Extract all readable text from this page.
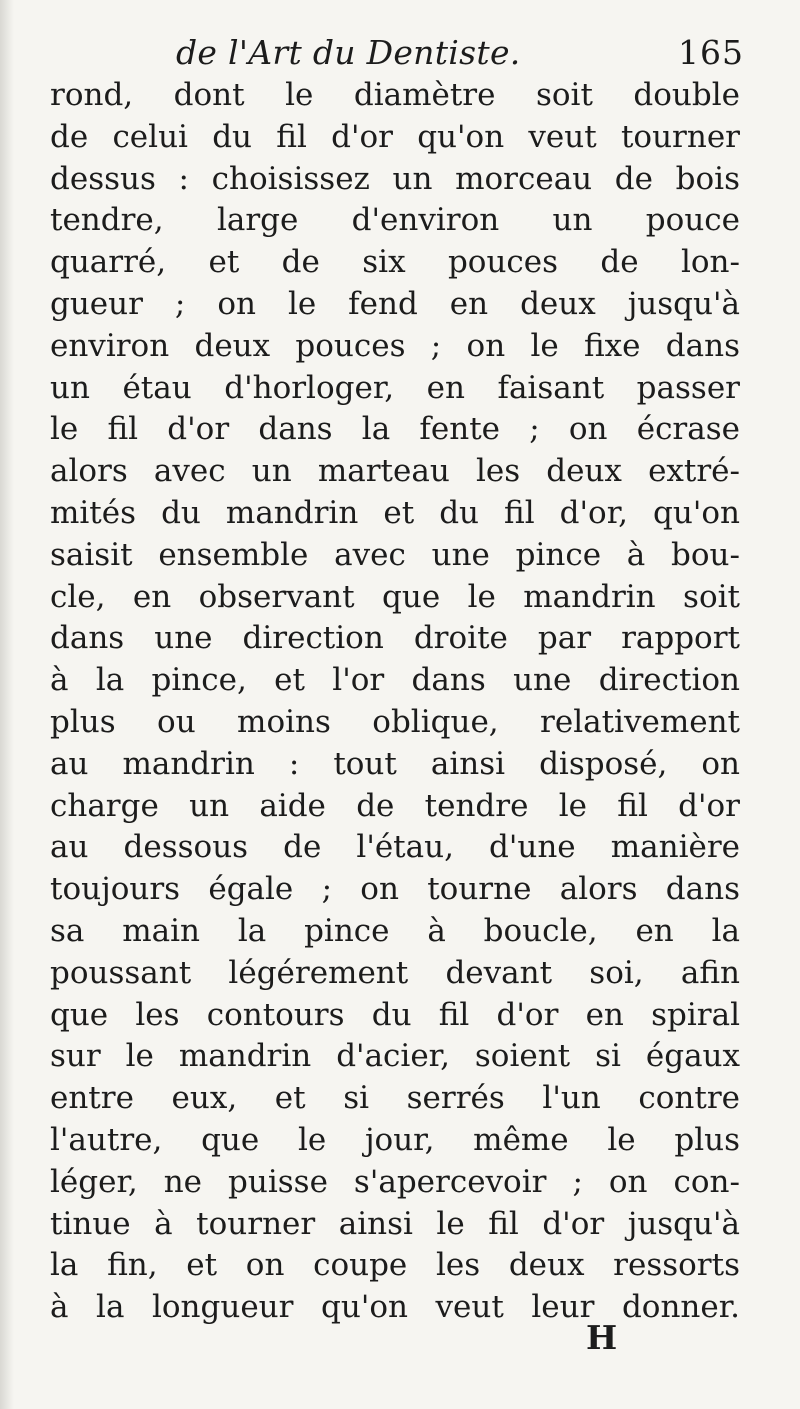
de l'Art du Dentiste.	165
rond, dont le diamètre soit double
de celui du fil d'or qu'on veut tourner
dessus : choisissez un morceau de bois
tendre, large d'environ un pouce
quarré, et de six pouces de lon-
gueur ; on le fend en deux jusqu'à
environ deux pouces ; on le fixe dans
un étau d'horloger, en faisant passer
le fil d'or dans la fente ; on écrase
alors avec un marteau les deux extré-
mités du mandrin et du fil d'or, qu'on
saisit ensemble avec une pince à bou-
cle, en observant que le mandrin soit
dans une direction droite par rapport
à la pince, et l'or dans une direction
plus ou moins oblique, relativement
au mandrin : tout ainsi disposé, on
charge un aide de tendre le fil d'or
au dessous de l'étau, d'une manière
toujours égale ; on tourne alors dans
sa main la pince à boucle, en la
poussant légérement devant soi, afin
que les contours du fil d'or en spiral
sur le mandrin d'acier, soient si égaux
entre eux, et si serrés l'un contre
l'autre, que le jour, même le plus
léger, ne puisse s'apercevoir ; on con-
tinue à tourner ainsi le fil d'or jusqu'à
la fin, et on coupe les deux ressorts
à la longueur qu'on veut leur donner.
H
